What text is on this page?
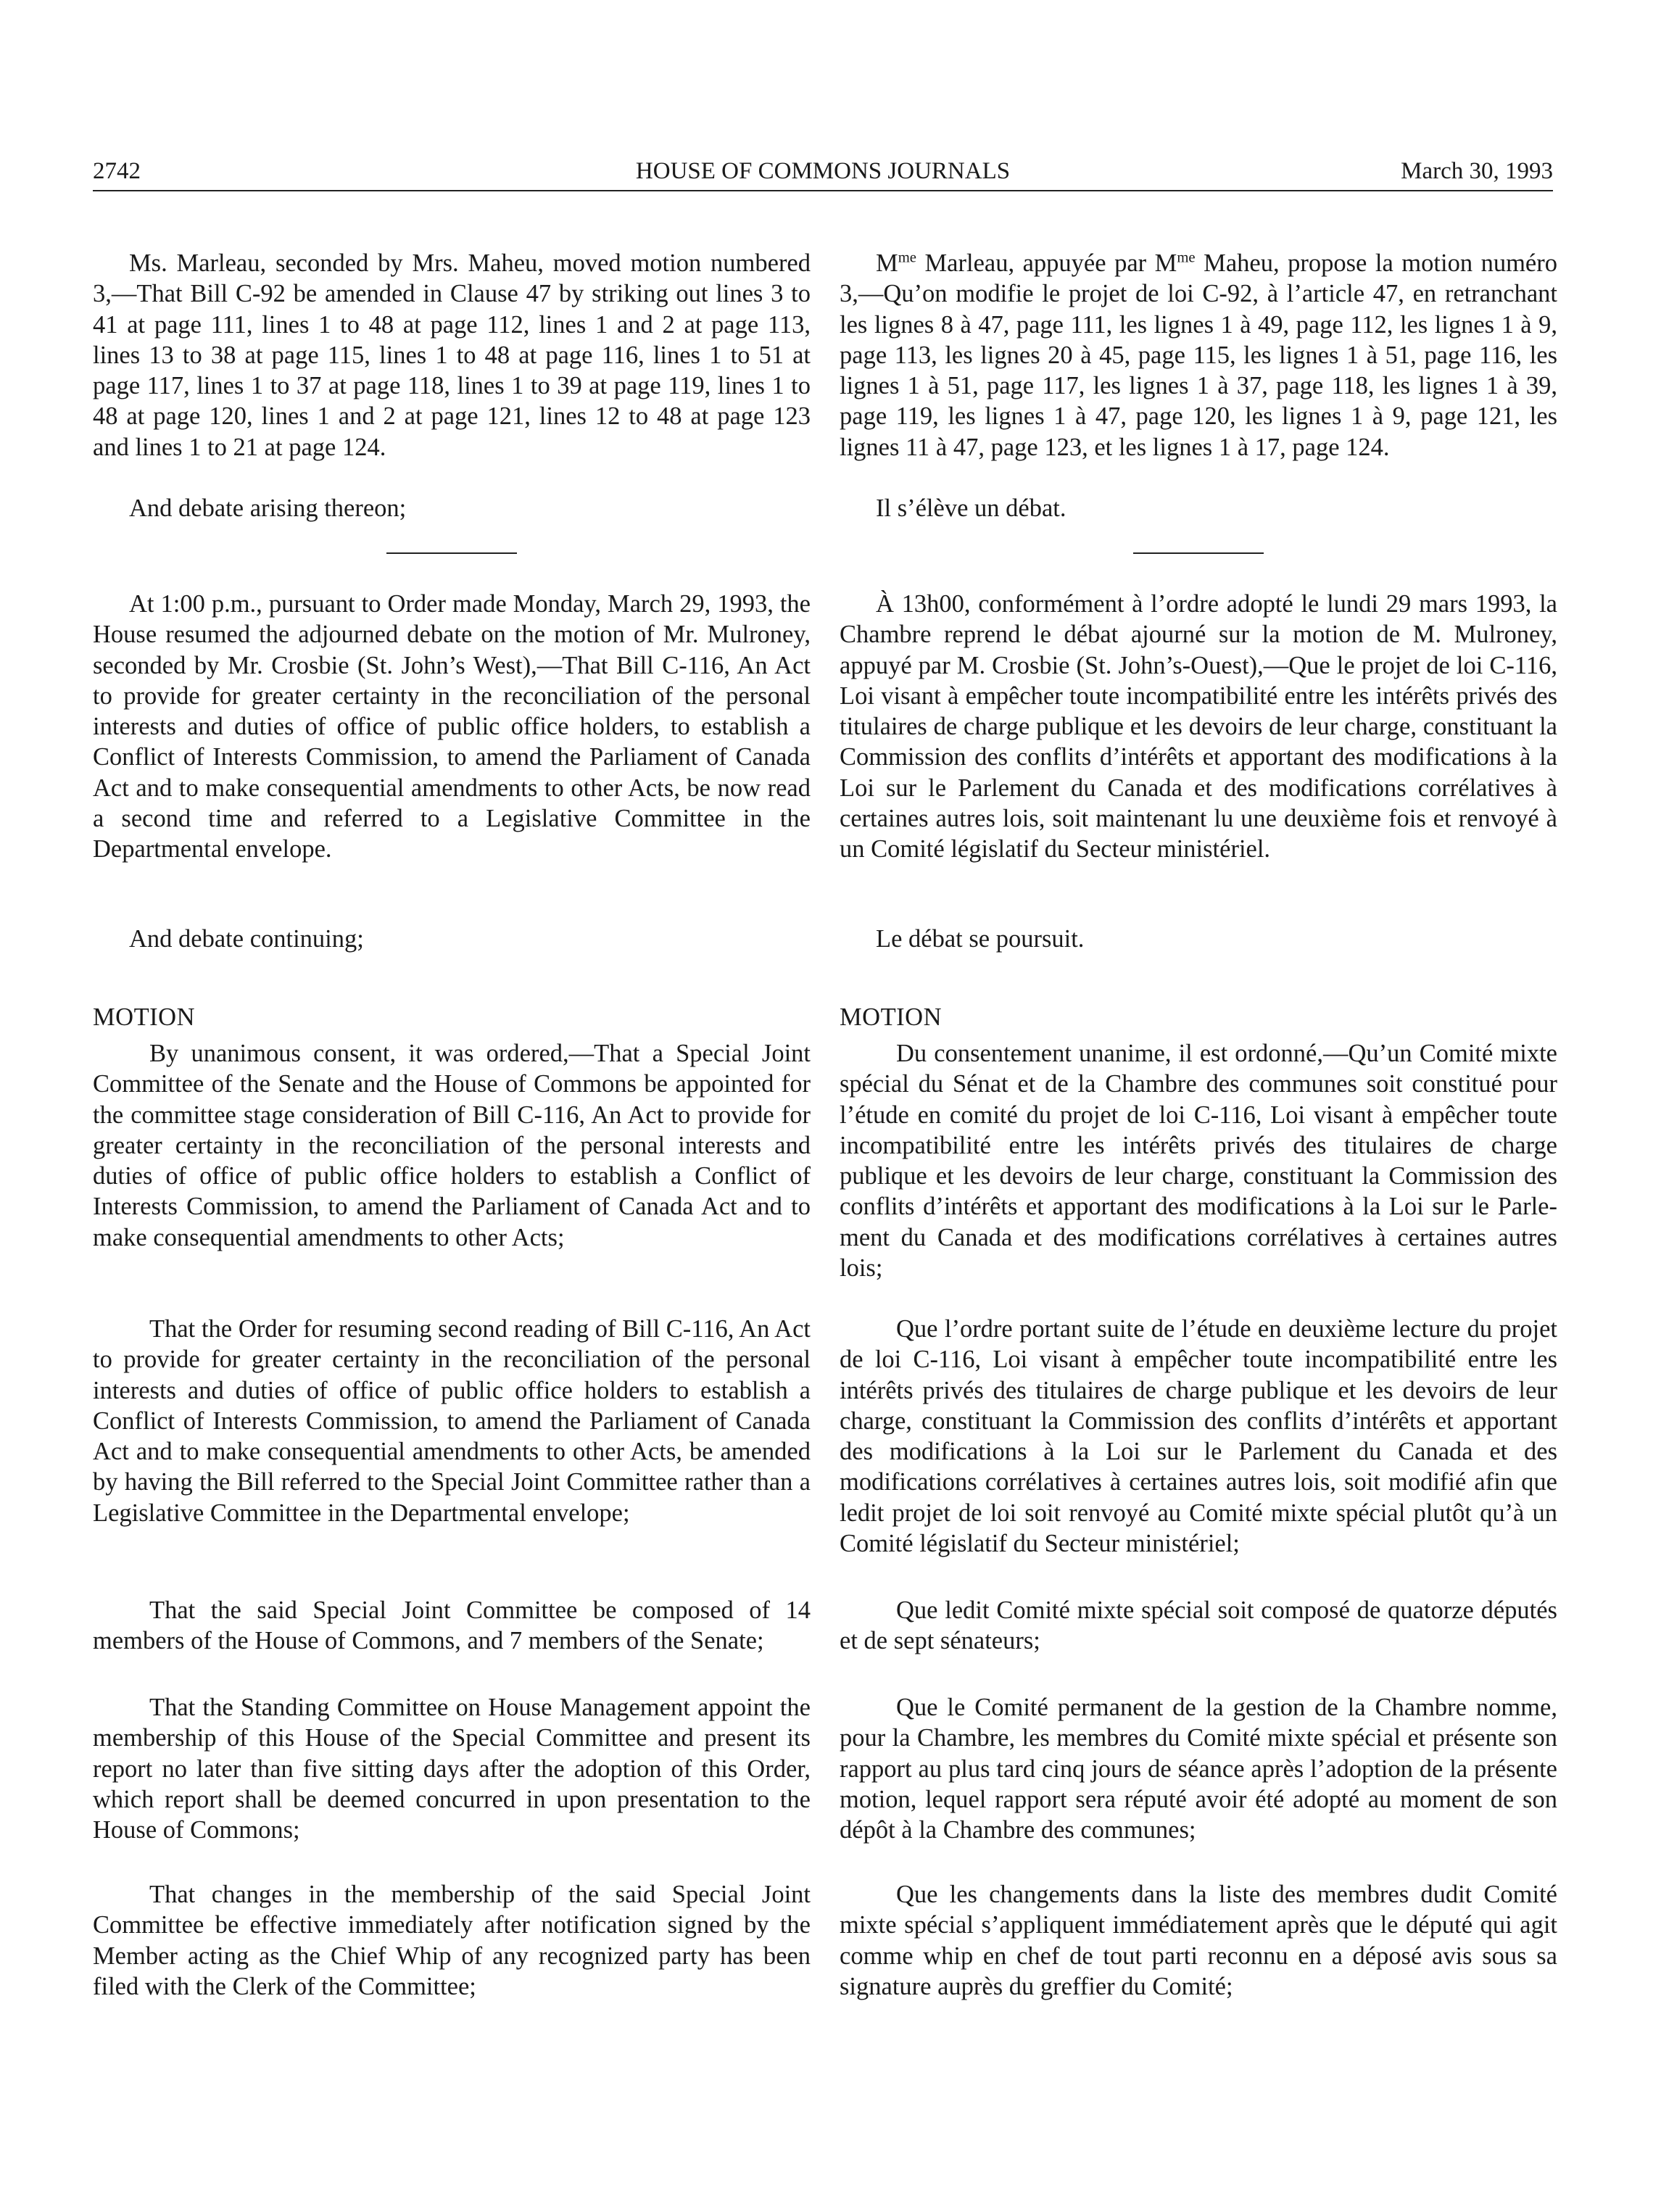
2742	HOUSE OF COMMONS JOURNALS	March 30, 1993

Ms. Marleau, seconded by Mrs. Maheu, moved motion numbered 3,—That Bill C-92 be amended in Clause 47 by striking out lines 3 to 41 at page 111, lines 1 to 48 at page 112, lines 1 and 2 at page 113, lines 13 to 38 at page 115, lines 1 to 48 at page 116, lines 1 to 51 at page 117, lines 1 to 37 at page 118, lines 1 to 39 at page 119, lines 1 to 48 at page 120, lines 1 and 2 at page 121, lines 12 to 48 at page 123 and lines 1 to 21 at page 124.

And debate arising thereon;

At 1:00 p.m., pursuant to Order made Monday, March 29, 1993, the House resumed the adjourned debate on the motion of Mr. Mulroney, seconded by Mr. Crosbie (St. John’s West),—That Bill C-116, An Act to provide for greater certainty in the reconciliation of the personal interests and duties of office of public office holders, to establish a Conflict of Interests Commission, to amend the Parliament of Canada Act and to make consequential amendments to other Acts, be now read a second time and referred to a Legislative Committee in the Departmental envelope.

And debate continuing;

MOTION

By unanimous consent, it was ordered,—That a Special Joint Committee of the Senate and the House of Commons be appointed for the committee stage consideration of Bill C-116, An Act to provide for greater certainty in the reconciliation of the personal interests and duties of office of public office holders to establish a Conflict of Interests Commission, to amend the Parliament of Canada Act and to make consequential amendments to other Acts;

That the Order for resuming second reading of Bill C-116, An Act to provide for greater certainty in the reconciliation of the personal interests and duties of office of public office holders to establish a Conflict of Interests Commission, to amend the Parliament of Canada Act and to make consequential amendments to other Acts, be amended by having the Bill referred to the Special Joint Committee rather than a Legislative Committee in the Departmental envelope;

That the said Special Joint Committee be composed of 14 members of the House of Commons, and 7 members of the Senate;

That the Standing Committee on House Management appoint the membership of this House of the Special Committee and present its report no later than five sitting days after the adoption of this Order, which report shall be deemed concurred in upon presentation to the House of Commons;

That changes in the membership of the said Special Joint Committee be effective immediately after notification signed by the Member acting as the Chief Whip of any recognized party has been filed with the Clerk of the Committee;

$M^{me}$ Marleau, appuyée par $M^{me}$ Maheu, propose la motion numéro 3,—Qu’on modifie le projet de loi C-92, à l’article 47, en retranchant les lignes 8 à 47, page 111, les lignes 1 à 49, page 112, les lignes 1 à 9, page 113, les lignes 20 à 45, page 115, les lignes 1 à 51, page 116, les lignes 1 à 51, page 117, les lignes 1 à 37, page 118, les lignes 1 à 39, page 119, les lignes 1 à 47, page 120, les lignes 1 à 9, page 121, les lignes 11 à 47, page 123, et les lignes 1 à 17, page 124.

Il s’élève un débat.

À 13h00, conformément à l’ordre adopté le lundi 29 mars 1993, la Chambre reprend le débat ajourné sur la motion de M. Mulroney, appuyé par M. Crosbie (St. John’s-Ouest),—Que le projet de loi C-116, Loi visant à empêcher toute incompatibilité entre les intérêts privés des titulaires de charge publique et les devoirs de leur charge, constituant la Commission des conflits d’intérêts et apportant des modifications à la Loi sur le Parlement du Canada et des modifications corrélatives à certaines autres lois, soit maintenant lu une deuxième fois et renvoyé à un Comité législatif du Secteur ministériel.

Le débat se poursuit.

MOTION

Du consentement unanime, il est ordonné,—Qu’un Comité mixte spécial du Sénat et de la Chambre des communes soit constitué pour l’étude en comité du projet de loi C-116, Loi visant à empêcher toute incompatibilité entre les intérêts privés des titulaires de charge publique et les devoirs de leur charge, constituant la Commission des conflits d’intérêts et apportant des modifications à la Loi sur le Parlement du Canada et des modifications corrélatives à certaines autres lois;

Que l’ordre portant suite de l’étude en deuxième lecture du projet de loi C-116, Loi visant à empêcher toute incompatibilité entre les intérêts privés des titulaires de charge publique et les devoirs de leur charge, constituant la Commission des conflits d’intérêts et apportant des modifications à la Loi sur le Parlement du Canada et des modifications corrélatives à certaines autres lois, soit modifié afin que ledit projet de loi soit renvoyé au Comité mixte spécial plutôt qu’à un Comité législatif du Secteur ministériel;

Que ledit Comité mixte spécial soit composé de quatorze députés et de sept sénateurs;

Que le Comité permanent de la gestion de la Chambre nomme, pour la Chambre, les membres du Comité mixte spécial et présente son rapport au plus tard cinq jours de séance après l’adoption de la présente motion, lequel rapport sera réputé avoir été adopté au moment de son dépôt à la Chambre des communes;

Que les changements dans la liste des membres dudit Comité mixte spécial s’appliquent immédiatement après que le député qui agit comme whip en chef de tout parti reconnu en a déposé avis sous sa signature auprès du greffier du Comité;
